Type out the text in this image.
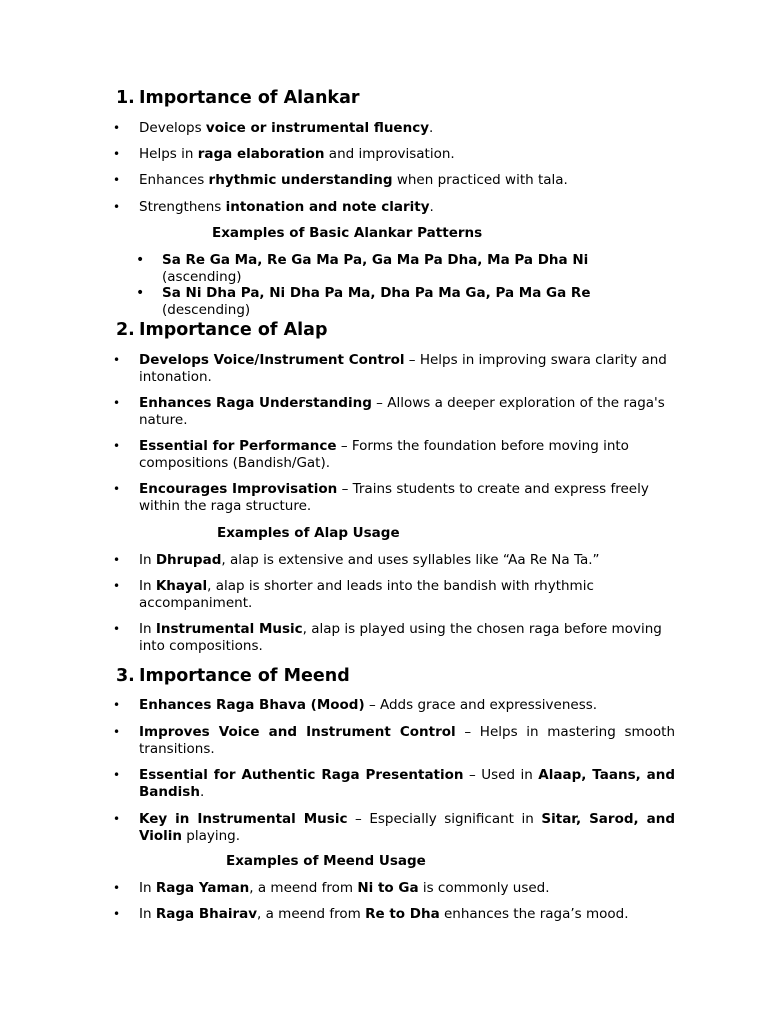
1. Importance of Alankar
• Develops voice or instrumental fluency.

• Helps in raga elaboration and improvisation.

• Enhances rhythmic understanding when practiced with tala.

• Strengthens intonation and note clarity.

Examples of Basic Alankar Patterns

• Sa Re Ga Ma, Re Ga Ma Pa, Ga Ma Pa Dha, Ma Pa Dha Ni
(ascending)

• Sa Ni Dha Pa, Ni Dha Pa Ma, Dha Pa Ma Ga, Pa Ma Ga Re
(descending)

2. Importance of Alap
• Develops Voice/Instrument Control – Helps in improving swara clarity and intonation.

• Enhances Raga Understanding – Allows a deeper exploration of the raga's nature.

• Essential for Performance – Forms the foundation before moving into compositions (Bandish/Gat).

• Encourages Improvisation – Trains students to create and express freely within the raga structure.

Examples of Alap Usage

• In Dhrupad, alap is extensive and uses syllables like “Aa Re Na Ta.”

• In Khayal, alap is shorter and leads into the bandish with rhythmic accompaniment.

• In Instrumental Music, alap is played using the chosen raga before moving into compositions.

3. Importance of Meend
• Enhances Raga Bhava (Mood) – Adds grace and expressiveness.

• Improves Voice and Instrument Control – Helps in mastering smooth transitions.

• Essential for Authentic Raga Presentation – Used in Alaap, Taans, and Bandish.

• Key in Instrumental Music – Especially significant in Sitar, Sarod, and Violin playing.

Examples of Meend Usage

• In Raga Yaman, a meend from Ni to Ga is commonly used.

• In Raga Bhairav, a meend from Re to Dha enhances the raga’s mood.
